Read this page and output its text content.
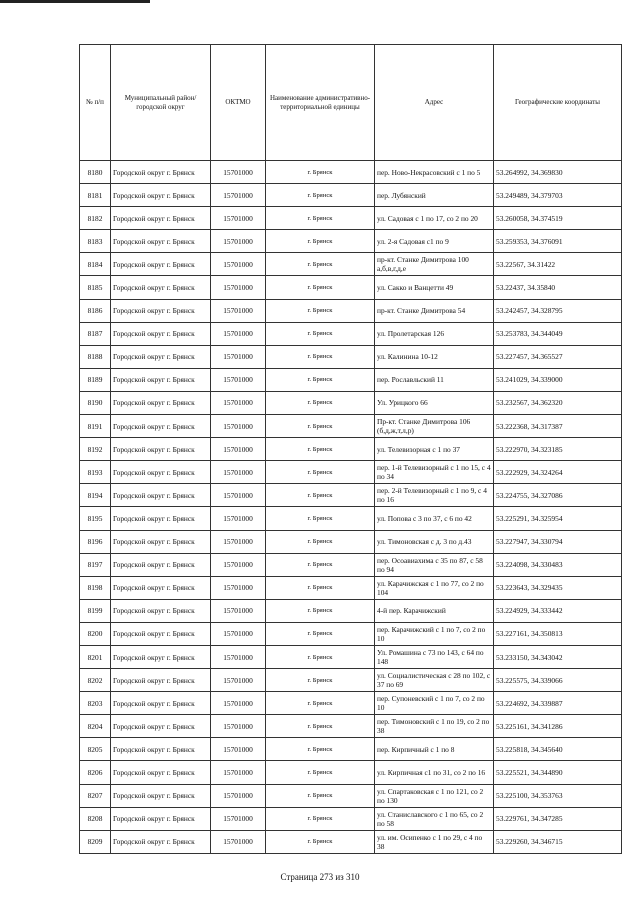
№ п/п	Муниципальный район/городской округ	ОКТМО	Наименование административно-территориальной единицы	Адрес	Географические координаты
8180	Городской округ г. Брянск	15701000	г. Брянск	пер. Ново-Некрасовский с 1 по 5	53.264992, 34.369830
8181	Городской округ г. Брянск	15701000	г. Брянск	пер. Лубянский	53.249489, 34.379703
8182	Городской округ г. Брянск	15701000	г. Брянск	ул. Садовая с 1 по 17, со 2 по 20	53.260058, 34.374519
8183	Городской округ г. Брянск	15701000	г. Брянск	ул. 2-я Садовая с1 по 9	53.259353, 34.376091
8184	Городской округ г. Брянск	15701000	г. Брянск	пр-кт. Станке Димитрова 100 а,б,в,г,д,е	53.22567, 34.31422
8185	Городской округ г. Брянск	15701000	г. Брянск	ул. Сакко и Ванцетти 49	53.22437, 34.35840
8186	Городской округ г. Брянск	15701000	г. Брянск	пр-кт. Станке Димитрова 54	53.242457, 34.328795
8187	Городской округ г. Брянск	15701000	г. Брянск	ул. Пролетарская 126	53.253783, 34.344049
8188	Городской округ г. Брянск	15701000	г. Брянск	ул. Калинина 10-12	53.227457, 34.365527
8189	Городской округ г. Брянск	15701000	г. Брянск	пер. Рославльский 11	53.241029, 34.339000
8190	Городской округ г. Брянск	15701000	г. Брянск	Ул. Урицкого 66	53.232567, 34.362320
8191	Городской округ г. Брянск	15701000	г. Брянск	Пр-кт. Станке Димитрова 106 (б,д,ж,т,л,р)	53.222368, 34.317387
8192	Городской округ г. Брянск	15701000	г. Брянск	ул. Телевизорная с 1 по 37	53.222970, 34.323185
8193	Городской округ г. Брянск	15701000	г. Брянск	пер. 1-й Телевизорный с 1 по 15, с 4 по 34	53.222929, 34.324264
8194	Городской округ г. Брянск	15701000	г. Брянск	пер. 2-й Телевизорный с 1 по 9, с 4 по 16	53.224755, 34.327086
8195	Городской округ г. Брянск	15701000	г. Брянск	ул. Попова с 3 по 37, с 6 по 42	53.225291, 34.325954
8196	Городской округ г. Брянск	15701000	г. Брянск	ул. Тимоновская с д. 3 по д.43	53.227947, 34.330794
8197	Городской округ г. Брянск	15701000	г. Брянск	пер. Осоавиахима с 35 по 87, с 58 по 94	53.224098, 34.330483
8198	Городской округ г. Брянск	15701000	г. Брянск	ул. Карачижская с 1 по 77, со 2 по 104	53.223643, 34.329435
8199	Городской округ г. Брянск	15701000	г. Брянск	4-й пер. Карачижский	53.224929, 34.333442
8200	Городской округ г. Брянск	15701000	г. Брянск	пер. Карачижский с 1 по 7, со 2 по 10	53.227161, 34.350813
8201	Городской округ г. Брянск	15701000	г. Брянск	Ул. Ромашина с 73 по 143, с 64 по 148	53.233150, 34.343042
8202	Городской округ г. Брянск	15701000	г. Брянск	ул. Социалистическая с 28 по 102, с 37 по 69	53.225575, 34.339066
8203	Городской округ г. Брянск	15701000	г. Брянск	пер. Супоневский с 1 по 7, со 2 по 10	53.224692, 34.339887
8204	Городской округ г. Брянск	15701000	г. Брянск	пер. Тимоновский с 1 по 19, со 2 по 38	53.225161, 34.341286
8205	Городской округ г. Брянск	15701000	г. Брянск	пер. Кирпичный с 1 по 8	53.225818, 34.345640
8206	Городской округ г. Брянск	15701000	г. Брянск	ул. Кирпичная с1 по 31, со 2 по 16	53.225521, 34.344890
8207	Городской округ г. Брянск	15701000	г. Брянск	ул. Спартаковская с 1 по 121, со 2 по 130	53.225100, 34.353763
8208	Городской округ г. Брянск	15701000	г. Брянск	ул. Станиславского с 1 по 65, со 2 по 58	53.229761, 34.347285
8209	Городской округ г. Брянск	15701000	г. Брянск	ул. им. Осипенко с 1 по 29, с 4 по 38	53.229260, 34.346715
Страница 273 из 310
